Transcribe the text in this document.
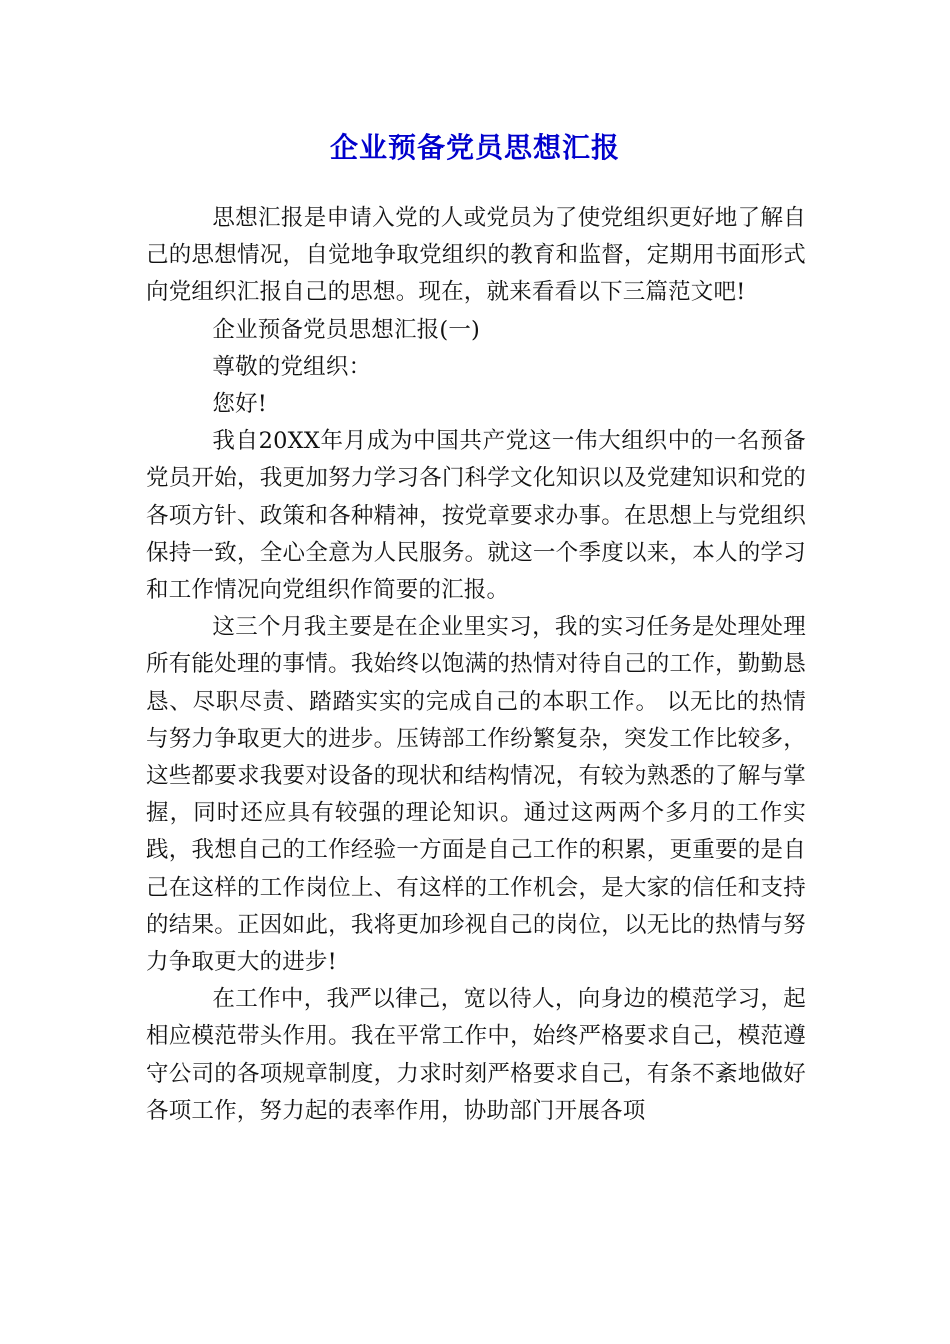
企业预备党员思想汇报

思想汇报是申请入党的人或党员为了使党组织更好地了解自己的思想情况，自觉地争取党组织的教育和监督，定期用书面形式向党组织汇报自己的思想。现在，就来看看以下三篇范文吧!

企业预备党员思想汇报(一)

尊敬的党组织：

您好!

我自20XX年月成为中国共产党这一伟大组织中的一名预备党员开始，我更加努力学习各门科学文化知识以及党建知识和党的各项方针、政策和各种精神，按党章要求办事。在思想上与党组织保持一致，全心全意为人民服务。就这一个季度以来，本人的学习和工作情况向党组织作简要的汇报。

这三个月我主要是在企业里实习，我的实习任务是处理处理所有能处理的事情。我始终以饱满的热情对待自己的工作，勤勤恳恳、尽职尽责、踏踏实实的完成自己的本职工作。 以无比的热情与努力争取更大的进步。压铸部工作纷繁复杂，突发工作比较多，这些都要求我要对设备的现状和结构情况，有较为熟悉的了解与掌握，同时还应具有较强的理论知识。通过这两两个多月的工作实践，我想自己的工作经验一方面是自己工作的积累，更重要的是自己在这样的工作岗位上、有这样的工作机会，是大家的信任和支持的结果。正因如此，我将更加珍视自己的岗位，以无比的热情与努力争取更大的进步!

在工作中，我严以律己，宽以待人，向身边的模范学习，起相应模范带头作用。我在平常工作中，始终严格要求自己，模范遵守公司的各项规章制度，力求时刻严格要求自己，有条不紊地做好各项工作，努力起的表率作用，协助部门开展各项
